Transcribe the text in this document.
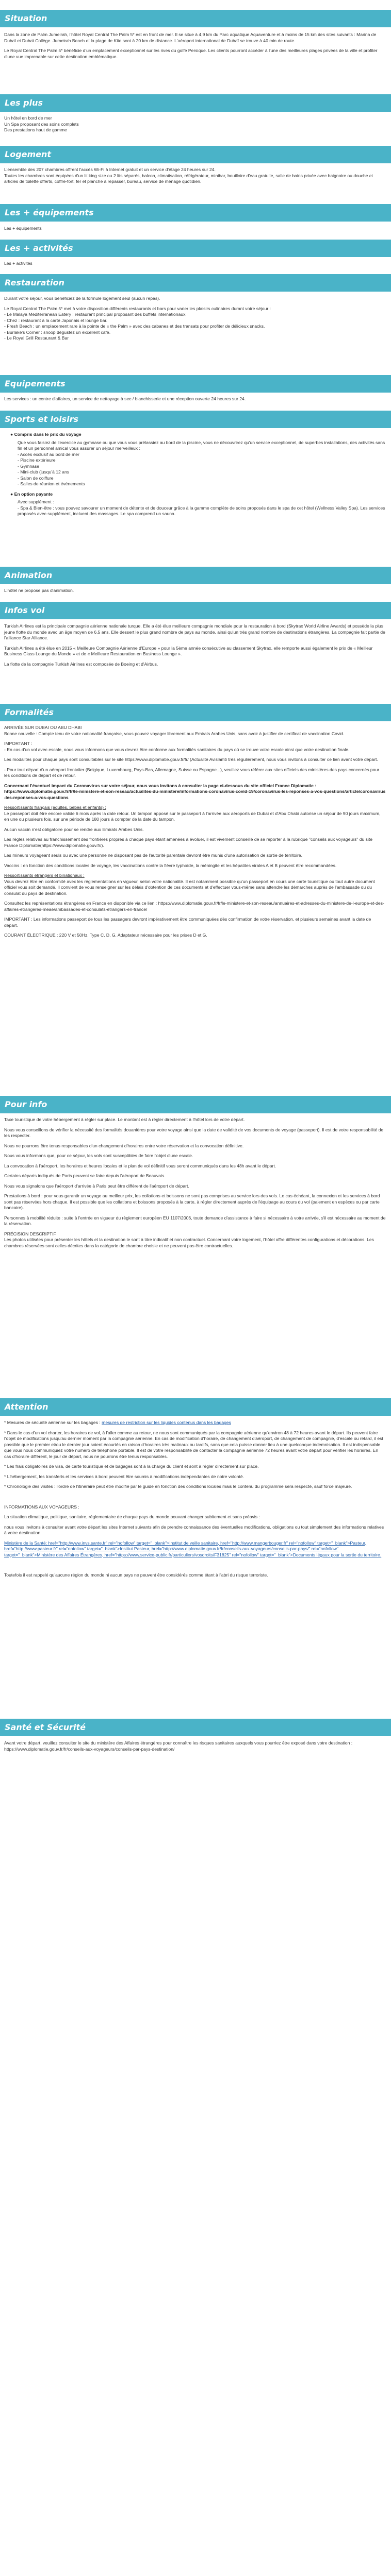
Situation

Dans la zone de Palm Jumeirah, l'hôtel Royal Central The Palm 5* est en front de mer. Il se situe à 4,9 km du Parc aquatique Aquaventure et à moins de 15 km des sites suivants : Marina de Dubaï et Dubaï Collège. Jumeirah Beach et la plage de Kite sont à 20 km de distance. L'aéroport international de Dubaï se trouve à 40 min de route.

Le Royal Central The Palm 5* bénéficie d'un emplacement exceptionnel sur les rives du golfe Persique. Les clients pourront accéder à l'une des meilleures plages privées de la ville et profiter d'une vue imprenable sur cette destination emblématique.

Les plus
Un hôtel en bord de mer
Un Spa proposant des soins complets
Des prestations haut de gamme
Logement
L'ensemble des 207 chambres offrent l'accès Wi-Fi à Internet gratuit et un service d'étage 24 heures sur 24.
Toutes les chambres sont équipées d'un lit king size ou 2 lits séparés, balcon, climatisation, réfrigérateur, minibar, bouilloire d'eau gratuite, salle de bains privée avec baignoire ou douche et articles de toilette offerts, coffre-fort, fer et planche à repasser, bureau, service de ménage quotidien.
Les + équipements
Les + équipements
Les + activités
Les + activités
Restauration

Durant votre séjour, vous bénéficiez de la formule logement seul (aucun repas).

Le Royal Central The Palm 5* met à votre disposition différents restaurants et bars pour varier les plaisirs culinaires durant votre séjour :
- Le Malaya Mediterranean Eatery : restaurant principal proposant des buffets internationaux.
- Chez : restaurant à la carté Japonais et lounge bar.
- Fresh Beach : un emplacement rare à la pointe de « the Palm » avec des cabanes et des transats pour profiter de délicieux snacks.
- Burlake's Corner : snoop dégustez un excellent café.
- Le Royal Grill Restaurant & Bar
Equipements
Les services : un centre d'affaires, un service de nettoyage à sec / blanchisserie et une réception ouverte 24 heures sur 24.
Sports et loisirs
● Compris dans le prix du voyage
Que vous faisiez de l'exercice au gymnase ou que vous vous prélassiez au bord de la piscine, vous ne découvrirez qu'un service exceptionnel, de superbes installations, des activités sans fin et un personnel amical vous assurer un séjour merveilleux :
- Accès exclusif au bord de mer
- Piscine extérieure
- Gymnase
- Mini-club (jusqu'à 12 ans
- Salon de coiffure
- Salles de réunion et événements
● En option payante
Avec supplément :
- Spa & Bien-être : vous pouvez savourer un moment de détente et de douceur grâce à la gamme complète de soins proposés dans le spa de cet hôtel (Wellness Valley Spa). Les services proposés avec supplément, incluent des massages. Le spa comprend un sauna.
Animation
L'hôtel ne propose pas d'animation.
Infos vol

Turkish Airlines est la principale compagnie aérienne nationale turque. Elle a été élue meilleure compagnie mondiale pour la restauration à bord (Skytrax World Airline Awards) et possède la plus jeune flotte du monde avec un âge moyen de 6,5 ans. Elle dessert le plus grand nombre de pays au monde, ainsi qu'un très grand nombre de destinations étrangères. La compagnie fait partie de l'alliance Star Alliance.

Turkish Airlines a été élue en 2015 « Meilleure Compagnie Aérienne d'Europe » pour la 5ème année consécutive au classement Skytrax, elle remporte aussi également le prix de « Meilleur Business Class Lounge du Monde » et de « Meilleure Restauration en Business Lounge ».

La flotte de la compagnie Turkish Airlines est composée de Boeing et d'Airbus.

Formalités
ARRIVÉE SUR DUBAI OU ABU DHABI

Bonne nouvelle : Compte tenu de votre nationalité française, vous pouvez voyager librement aux Emirats Arabes Unis, sans avoir à justifier de certificat de vaccination Covid.

IMPORTANT :

- En cas d'un vol avec escale, nous vous informons que vous devrez être conforme aux formalités sanitaires du pays où se trouve votre escale ainsi que votre destination finale.

Les modalités pour chaque pays sont consultables sur le site https://www.diplomatie.gouv.fr/fr/ (Actualité Avislamti très régulièrement, nous vous invitons à consulter ce lien avant votre départ.

- Pour tout départ d'un aéroport frontalier (Belgique, Luxembourg, Pays-Bas, Allemagne, Suisse ou Espagne...), veuillez vous référer aux sites officiels des ministères des pays concernés pour les conditions de départ et de retour.

Concernant l'éventuel impact du Coronavirus sur votre séjour, nous vous invitons à consulter la page ci-dessous du site officiel France Diplomatie :

https://www.diplomatie.gouv.fr/fr/le-ministere-et-son-reseau/actualites-du-ministere/informations-coronavirus-covid-19/coronavirus-les-reponses-a-vos-questions/article/coronavirus-les-reponses-a-vos-questions

Ressortissants français (adultes, bébés et enfants) :

Le passeport doit être encore valide 6 mois après la date retour. Un tampon apposé sur le passeport à l'arrivée aux aéroports de Dubaï et d'Abu Dhabi autorise un séjour de 90 jours maximum, en une ou plusieurs fois, sur une période de 180 jours à compter de la date du tampon.

Aucun vaccin n'est obligatoire pour se rendre aux Emirats Arabes Unis.

Les règles relatives au franchissement des frontières propres à chaque pays étant amenées à évoluer, il est vivement conseillé de se reporter à la rubrique "conseils aux voyageurs" du site France Diplomatie(https://www.diplomatie.gouv.fr/).

Les mineurs voyageant seuls ou avec une personne ne disposant pas de l'autorité parentale devront être munis d'une autorisation de sortie de territoire.

Vaccins : en fonction des conditions locales de voyage, les vaccinations contre la fièvre typhoïde, la méningite et les hépatites virales A et B peuvent être recommandées.

Ressortissants étrangers et binationaux :

Vous devrez être en conformité avec les réglementations en vigueur, selon votre nationalité. Il est notamment possible qu'un passeport en cours une carte touristique ou tout autre document officiel vous soit demandé. Il convient de vous renseigner sur les délais d'obtention de ces documents et d'effectuer vous-même sans attendre les démarches auprès de l'ambassade ou du consulat du pays de destination.

Consultez les représentations étrangères en France en disponible via ce lien : https://www.diplomatie.gouv.fr/fr/le-ministere-et-son-reseau/annuaires-et-adresses-du-ministere-de-l-europe-et-des-affaires-etrangeres-meae/ambassades-et-consulats-etrangers-en-france/

IMPORTANT : Les informations passeport de tous les passagers devront impérativement être communiquées dès confirmation de votre réservation, et plusieurs semaines avant la date de départ.

COURANT ÉLECTRIQUE : 220 V et 50Hz. Type C, D, G. Adaptateur nécessaire pour les prises D et G.

Pour info

Taxe touristique de votre hébergement à régler sur place. Le montant est à régler directement à l'hôtel lors de votre départ.

Nous vous conseillons de vérifier la nécessité des formalités douanières pour votre voyage ainsi que la date de validité de vos documents de voyage (passeport). Il est de votre responsabilité de les respecter.

Nous ne pourrons être tenus responsables d'un changement d'horaires entre votre réservation et la convocation définitive.

Nous vous informons que, pour ce séjour, les vols sont susceptibles de faire l'objet d'une escale.

La convocation à l'aéroport, les horaires et heures locales et le plan de vol définitif vous seront communiqués dans les 48h avant le départ.

Certains départs indiqués de Paris peuvent se faire depuis l'aéroport de Beauvais.

Nous vous signalons que l'aéroport d'arrivée à Paris peut être différent de l'aéroport de départ.

Prestations à bord : pour vous garantir un voyage au meilleur prix, les collations et boissons ne sont pas comprises au service lors des vols. Le cas échéant, la connexion et les services à bord sont pas réservées hors chaque. Il est possible que les collations et boissons proposés à la carte, à régler directement auprès de l'équipage au cours du vol (paiement en espèces ou par carte bancaire).

Personnes à mobilité réduite : suite à l'entrée en vigueur du règlement européen EU 1107/2006, toute demande d'assistance à faire si nécessaire à votre arrivée, s'il est nécessaire au moment de la réservation.

PRÉCISION DESCRIPTIF

Les photos utilisées pour présenter les hôtels et la destination le sont à titre indicatif et non contractuel. Concernant votre logement, l'hôtel offre différentes configurations et décorations. Les chambres réservées sont celles décrites dans la catégorie de chambre choisie et ne peuvent pas être contractuelles.

Attention

* Mesures de sécurité aérienne sur les bagages : mesures de restriction sur les liquides contenus dans les bagages

* Dans le cas d'un vol charter, les horaires de vol, à l'aller comme au retour, ne nous sont communiqués par la compagnie aérienne qu'environ 48 à 72 heures avant le départ. Ils peuvent faire l'objet de modifications jusqu'au dernier moment par la compagnie aérienne. En cas de modification d'horaire, de changement d'aéroport, de changement de compagnie, d'escale ou retard, il est possible que le premier et/ou le dernier jour soient écourtés en raison d'horaires très matinaux ou tardifs, sans que cela puisse donner lieu à une quelconque indemnisation. Il est indispensable que vous nous communiquiez votre numéro de téléphone portable. Il est de votre responsabilité de contacter la compagnie aérienne 72 heures avant votre départ pour vérifier les horaires. En cas d'horaire différent, le jour de départ, nous ne pourrons être tenus responsables.

* Les frais obligatoires de visa, de carte touristique et de bagages sont à la charge du client et sont à régler directement sur place.

* L'hébergement, les transferts et les services à bord peuvent être soumis à modifications indépendantes de notre volonté.

* Chronologie des visites : l'ordre de l'itinéraire peut être modifié par le guide en fonction des conditions locales mais le contenu du programme sera respecté, sauf force majeure.

INFORMATIONS AUX VOYAGEURS :

La situation climatique, politique, sanitaire, réglementaire de chaque pays du monde pouvant changer subitement et sans préavis :

nous vous invitons à consulter avant votre départ les sites Internet suivants afin de prendre connaissance des éventuelles modifications, obligations ou tout simplement des informations relatives à votre destination.

Ministère de la Santé: href="http://www.invs.sante.fr" rel="nofollow" target="_blank">Institut de veille sanitaire, href="http://www.mangerbouger.fr" rel="nofollow" target="_blank">Pasteur, href="http://www.pasteur.fr" rel="nofollow" target="_blank">Institut Pasteur, href="http://www.diplomatie.gouv.fr/fr/conseils-aux-voyageurs/conseils-par-pays/" rel="nofollow" target="_blank">Ministère des Affaires Étrangères, href="https://www.service-public.fr/particuliers/vosdroits/F31825" rel="nofollow" target="_blank">Documents légaux pour la sortie du territoire.

Toutefois il est rappelé qu'aucune région du monde ni aucun pays ne peuvent être considérés comme étant à l'abri du risque terroriste.

Santé et Sécurité

Avant votre départ, veuillez consulter le site du ministère des Affaires étrangères pour connaître les risques sanitaires auxquels vous pourriez être exposé dans votre destination : https://www.diplomatie.gouv.fr/fr/conseils-aux-voyageurs/conseils-par-pays-destination/
